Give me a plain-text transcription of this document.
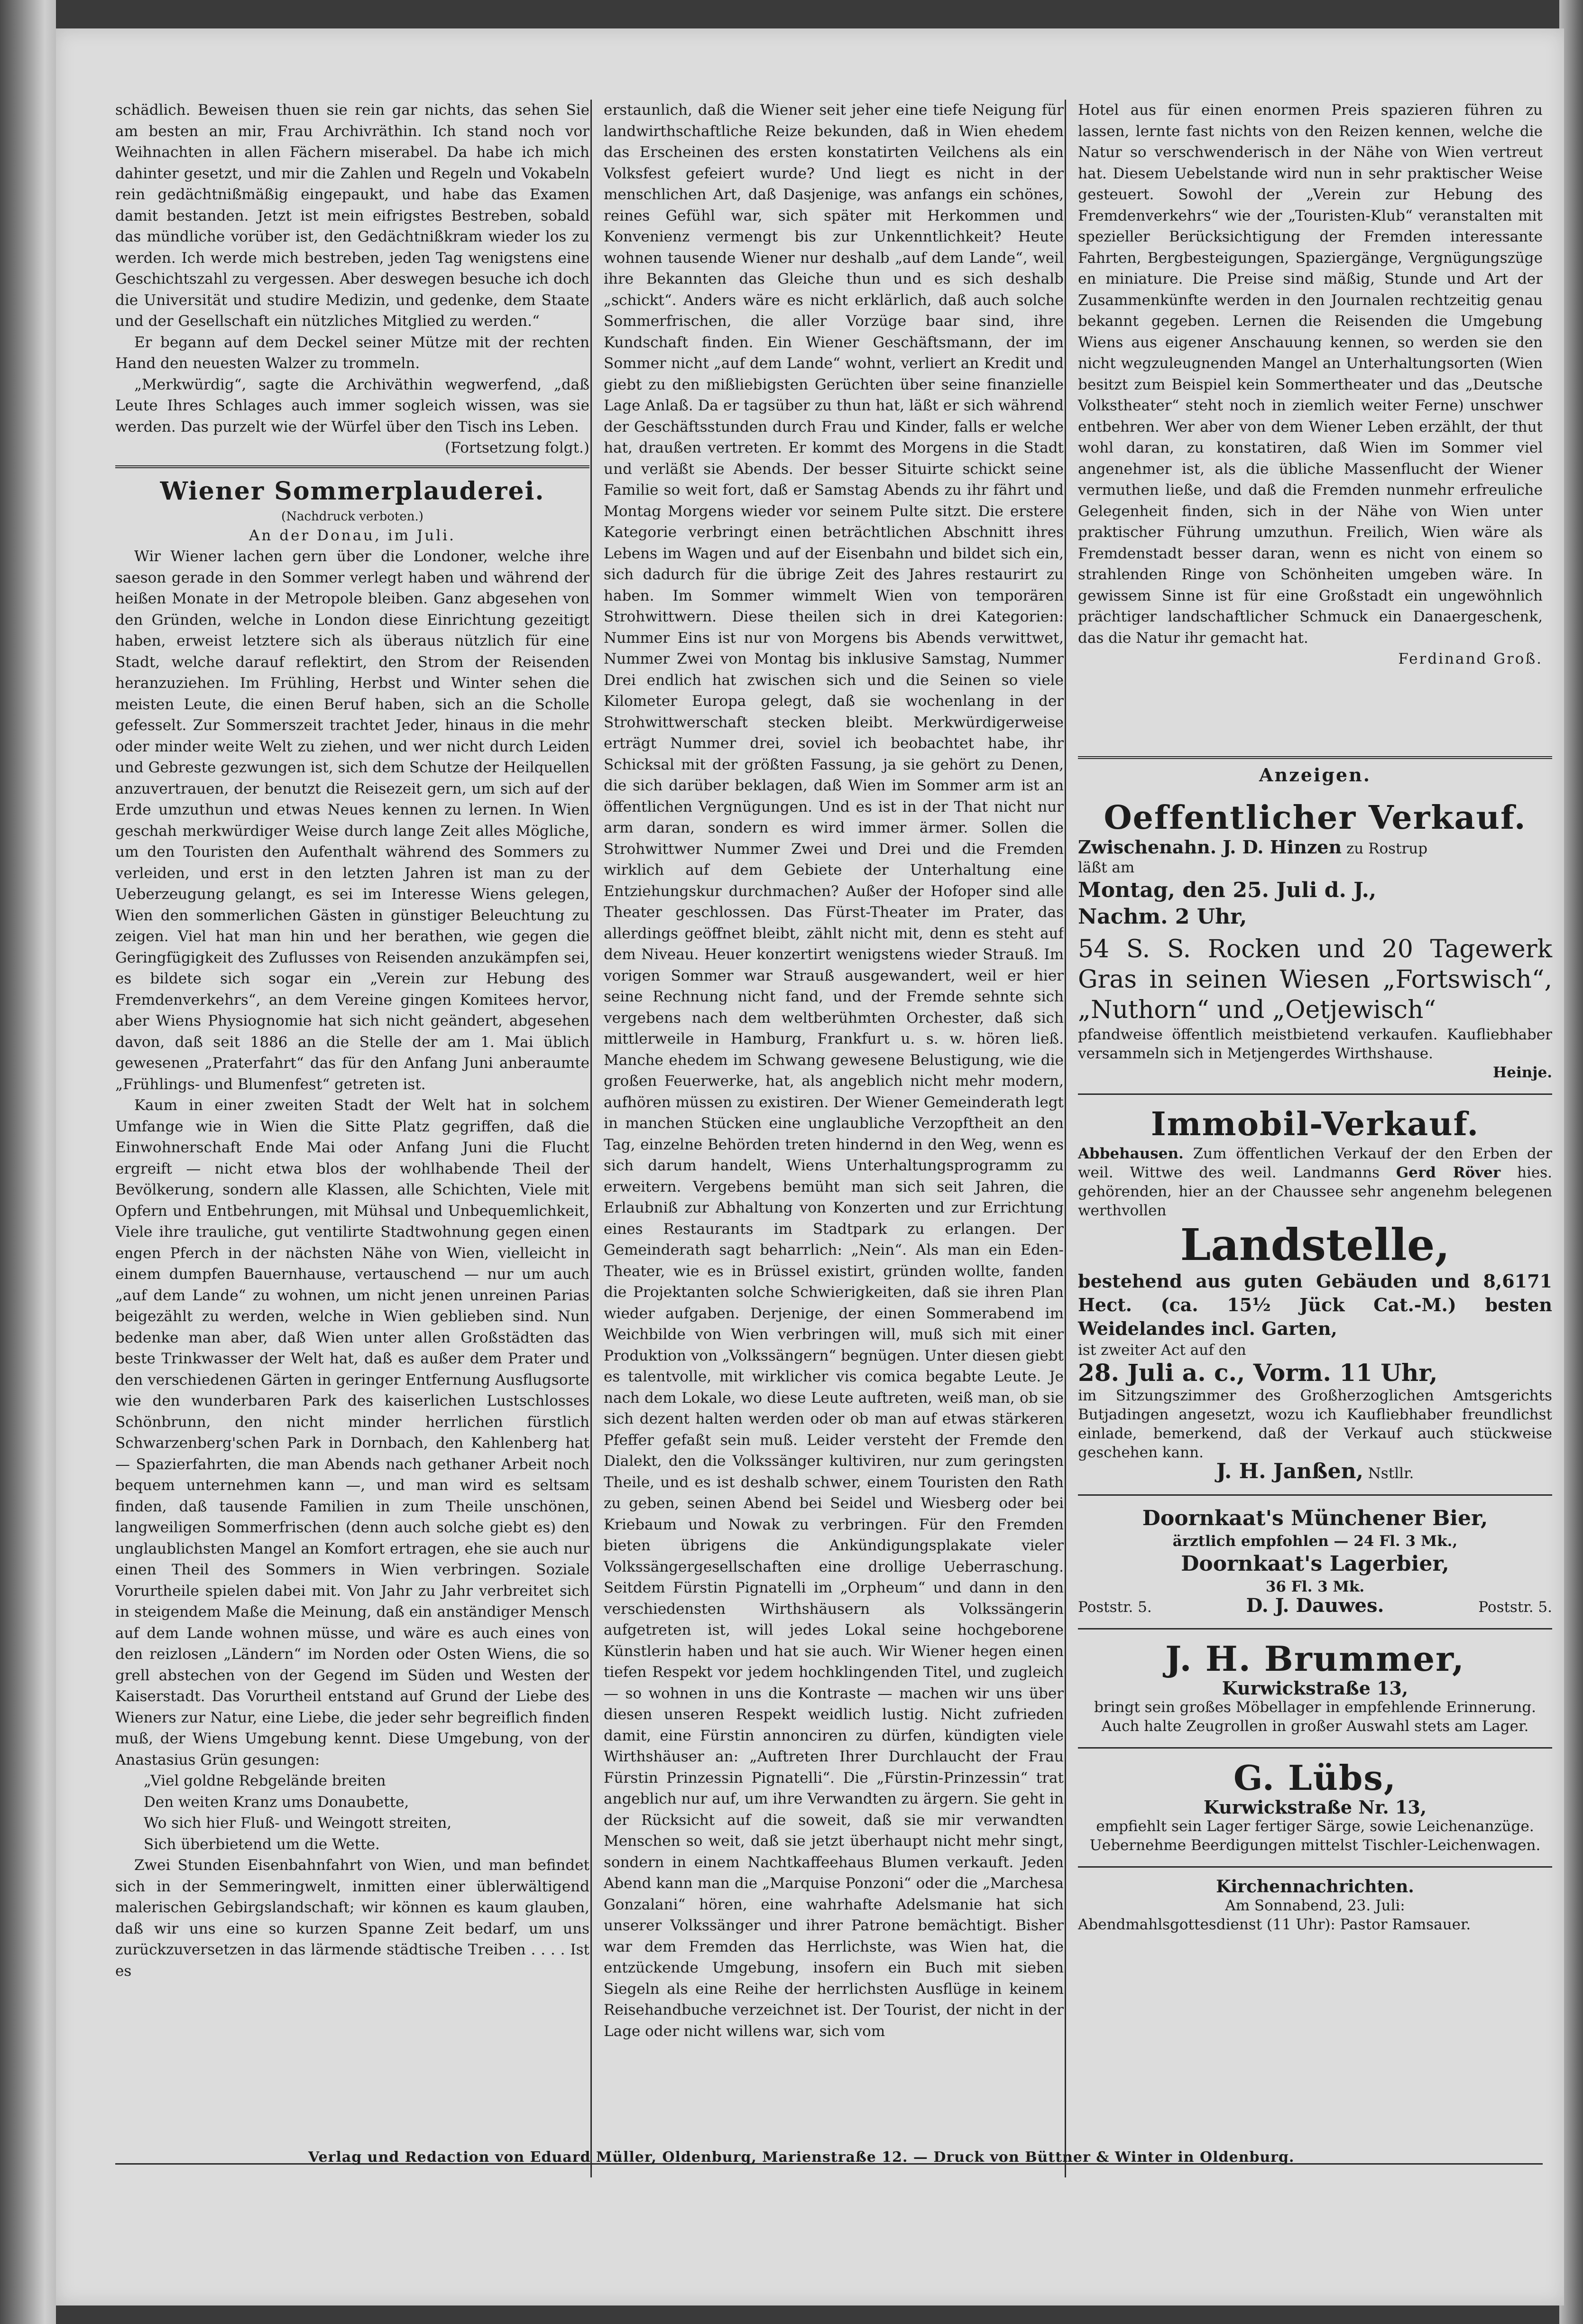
schädlich. Beweisen thuen sie rein gar nichts, das sehen Sie am besten an mir, Frau Archivräthin. Ich stand noch vor Weihnachten in allen Fächern miserabel. Da habe ich mich dahinter gesetzt, und mir die Zahlen und Regeln und Vokabeln rein gedächtnißmäßig eingepaukt, und habe das Examen damit bestanden. Jetzt ist mein eifrigstes Bestreben, sobald das mündliche vorüber ist, den Gedächtnißkram wieder los zu werden. Ich werde mich bestreben, jeden Tag wenigstens eine Geschichtszahl zu vergessen. Aber deswegen besuche ich doch die Universität und studire Medizin, und gedenke, dem Staate und der Gesellschaft ein nützliches Mitglied zu werden.“

Er begann auf dem Deckel seiner Mütze mit der rechten Hand den neuesten Walzer zu trommeln.

„Merkwürdig“, sagte die Archiväthin wegwerfend, „daß Leute Ihres Schlages auch immer sogleich wissen, was sie werden. Das purzelt wie der Würfel über den Tisch ins Leben.

(Fortsetzung folgt.)

Wiener Sommerplauderei.
(Nachdruck verboten.)
An der Donau, im Juli.

Wir Wiener lachen gern über die Londoner, welche ihre saeson gerade in den Sommer verlegt haben und während der heißen Monate in der Metropole bleiben. Ganz abgesehen von den Gründen, welche in London diese Einrichtung gezeitigt haben, erweist letztere sich als überaus nützlich für eine Stadt, welche darauf reflektirt, den Strom der Reisenden heranzuziehen. Im Frühling, Herbst und Winter sehen die meisten Leute, die einen Beruf haben, sich an die Scholle gefesselt. Zur Sommerszeit trachtet Jeder, hinaus in die mehr oder minder weite Welt zu ziehen, und wer nicht durch Leiden und Gebreste gezwungen ist, sich dem Schutze der Heilquellen anzuvertrauen, der benutzt die Reisezeit gern, um sich auf der Erde umzuthun und etwas Neues kennen zu lernen. In Wien geschah merkwürdiger Weise durch lange Zeit alles Mögliche, um den Touristen den Aufenthalt während des Sommers zu verleiden, und erst in den letzten Jahren ist man zu der Ueberzeugung gelangt, es sei im Interesse Wiens gelegen, Wien den sommerlichen Gästen in günstiger Beleuchtung zu zeigen. Viel hat man hin und her berathen, wie gegen die Geringfügigkeit des Zuflusses von Reisenden anzukämpfen sei, es bildete sich sogar ein „Verein zur Hebung des Fremdenverkehrs“, an dem Vereine gingen Komitees hervor, aber Wiens Physiognomie hat sich nicht geändert, abgesehen davon, daß seit 1886 an die Stelle der am 1. Mai üblich gewesenen „Praterfahrt“ das für den Anfang Juni anberaumte „Frühlings- und Blumenfest“ getreten ist.

Kaum in einer zweiten Stadt der Welt hat in solchem Umfange wie in Wien die Sitte Platz gegriffen, daß die Einwohnerschaft Ende Mai oder Anfang Juni die Flucht ergreift — nicht etwa blos der wohlhabende Theil der Bevölkerung, sondern alle Klassen, alle Schichten, Viele mit Opfern und Entbehrungen, mit Mühsal und Unbequemlichkeit, Viele ihre trauliche, gut ventilirte Stadtwohnung gegen einen engen Pferch in der nächsten Nähe von Wien, vielleicht in einem dumpfen Bauernhause, vertauschend — nur um auch „auf dem Lande“ zu wohnen, um nicht jenen unreinen Parias beigezählt zu werden, welche in Wien geblieben sind. Nun bedenke man aber, daß Wien unter allen Großstädten das beste Trinkwasser der Welt hat, daß es außer dem Prater und den verschiedenen Gärten in geringer Entfernung Ausflugsorte wie den wunderbaren Park des kaiserlichen Lustschlosses Schönbrunn, den nicht minder herrlichen fürstlich Schwarzenberg'schen Park in Dornbach, den Kahlenberg hat — Spazierfahrten, die man Abends nach gethaner Arbeit noch bequem unternehmen kann —, und man wird es seltsam finden, daß tausende Familien in zum Theile unschönen, langweiligen Sommerfrischen (denn auch solche giebt es) den unglaublichsten Mangel an Komfort ertragen, ehe sie auch nur einen Theil des Sommers in Wien verbringen. Soziale Vorurtheile spielen dabei mit. Von Jahr zu Jahr verbreitet sich in steigendem Maße die Meinung, daß ein anständiger Mensch auf dem Lande wohnen müsse, und wäre es auch eines von den reizlosen „Ländern“ im Norden oder Osten Wiens, die so grell abstechen von der Gegend im Süden und Westen der Kaiserstadt. Das Vorurtheil entstand auf Grund der Liebe des Wieners zur Natur, eine Liebe, die jeder sehr begreiflich finden muß, der Wiens Umgebung kennt. Diese Umgebung, von der Anastasius Grün gesungen:

„Viel goldne Rebgelände breiten

Den weiten Kranz ums Donaubette,

Wo sich hier Fluß- und Weingott streiten,

Sich überbietend um die Wette.

Zwei Stunden Eisenbahnfahrt von Wien, und man befindet sich in der Semmeringwelt, inmitten einer üblerwältigend malerischen Gebirgslandschaft; wir können es kaum glauben, daß wir uns eine so kurzen Spanne Zeit bedarf, um uns zurückzuversetzen in das lärmende städtische Treiben . . . . Ist es

erstaunlich, daß die Wiener seit jeher eine tiefe Neigung für landwirthschaftliche Reize bekunden, daß in Wien ehedem das Erscheinen des ersten konstatirten Veilchens als ein Volksfest gefeiert wurde? Und liegt es nicht in der menschlichen Art, daß Dasjenige, was anfangs ein schönes, reines Gefühl war, sich später mit Herkommen und Konvenienz vermengt bis zur Unkenntlichkeit? Heute wohnen tausende Wiener nur deshalb „auf dem Lande“, weil ihre Bekannten das Gleiche thun und es sich deshalb „schickt“. Anders wäre es nicht erklärlich, daß auch solche Sommerfrischen, die aller Vorzüge baar sind, ihre Kundschaft finden. Ein Wiener Geschäftsmann, der im Sommer nicht „auf dem Lande“ wohnt, verliert an Kredit und giebt zu den mißliebigsten Gerüchten über seine finanzielle Lage Anlaß. Da er tagsüber zu thun hat, läßt er sich während der Geschäftsstunden durch Frau und Kinder, falls er welche hat, draußen vertreten. Er kommt des Morgens in die Stadt und verläßt sie Abends. Der besser Situirte schickt seine Familie so weit fort, daß er Samstag Abends zu ihr fährt und Montag Morgens wieder vor seinem Pulte sitzt. Die erstere Kategorie verbringt einen beträchtlichen Abschnitt ihres Lebens im Wagen und auf der Eisenbahn und bildet sich ein, sich dadurch für die übrige Zeit des Jahres restaurirt zu haben. Im Sommer wimmelt Wien von temporären Strohwittwern. Diese theilen sich in drei Kategorien: Nummer Eins ist nur von Morgens bis Abends verwittwet, Nummer Zwei von Montag bis inklusive Samstag, Nummer Drei endlich hat zwischen sich und die Seinen so viele Kilometer Europa gelegt, daß sie wochenlang in der Strohwittwerschaft stecken bleibt. Merkwürdigerweise erträgt Nummer drei, soviel ich beobachtet habe, ihr Schicksal mit der größten Fassung, ja sie gehört zu Denen, die sich darüber beklagen, daß Wien im Sommer arm ist an öffentlichen Vergnügungen. Und es ist in der That nicht nur arm daran, sondern es wird immer ärmer. Sollen die Strohwittwer Nummer Zwei und Drei und die Fremden wirklich auf dem Gebiete der Unterhaltung eine Entziehungskur durchmachen? Außer der Hofoper sind alle Theater geschlossen. Das Fürst-Theater im Prater, das allerdings geöffnet bleibt, zählt nicht mit, denn es steht auf dem Niveau. Heuer konzertirt wenigstens wieder Strauß. Im vorigen Sommer war Strauß ausgewandert, weil er hier seine Rechnung nicht fand, und der Fremde sehnte sich vergebens nach dem weltberühmten Orchester, daß sich mittlerweile in Hamburg, Frankfurt u. s. w. hören ließ. Manche ehedem im Schwang gewesene Belustigung, wie die großen Feuerwerke, hat, als angeblich nicht mehr modern, aufhören müssen zu existiren. Der Wiener Gemeinderath legt in manchen Stücken eine unglaubliche Verzopftheit an den Tag, einzelne Behörden treten hindernd in den Weg, wenn es sich darum handelt, Wiens Unterhaltungsprogramm zu erweitern. Vergebens bemüht man sich seit Jahren, die Erlaubniß zur Abhaltung von Konzerten und zur Errichtung eines Restaurants im Stadtpark zu erlangen. Der Gemeinderath sagt beharrlich: „Nein“. Als man ein Eden-Theater, wie es in Brüssel existirt, gründen wollte, fanden die Projektanten solche Schwierigkeiten, daß sie ihren Plan wieder aufgaben. Derjenige, der einen Sommerabend im Weichbilde von Wien verbringen will, muß sich mit einer Produktion von „Volkssängern“ begnügen. Unter diesen giebt es talentvolle, mit wirklicher vis comica begabte Leute. Je nach dem Lokale, wo diese Leute auftreten, weiß man, ob sie sich dezent halten werden oder ob man auf etwas stärkeren Pfeffer gefaßt sein muß. Leider versteht der Fremde den Dialekt, den die Volkssänger kultiviren, nur zum geringsten Theile, und es ist deshalb schwer, einem Touristen den Rath zu geben, seinen Abend bei Seidel und Wiesberg oder bei Kriebaum und Nowak zu verbringen. Für den Fremden bieten übrigens die Ankündigungsplakate vieler Volkssängergesellschaften eine drollige Ueberraschung. Seitdem Fürstin Pignatelli im „Orpheum“ und dann in den verschiedensten Wirthshäusern als Volkssängerin aufgetreten ist, will jedes Lokal seine hochgeborene Künstlerin haben und hat sie auch. Wir Wiener hegen einen tiefen Respekt vor jedem hochklingenden Titel, und zugleich — so wohnen in uns die Kontraste — machen wir uns über diesen unseren Respekt weidlich lustig. Nicht zufrieden damit, eine Fürstin annonciren zu dürfen, kündigten viele Wirthshäuser an: „Auftreten Ihrer Durchlaucht der Frau Fürstin Prinzessin Pignatelli“. Die „Fürstin-Prinzessin“ trat angeblich nur auf, um ihre Verwandten zu ärgern. Sie geht in der Rücksicht auf die soweit, daß sie mir verwandten Menschen so weit, daß sie jetzt überhaupt nicht mehr singt, sondern in einem Nachtkaffeehaus Blumen verkauft. Jeden Abend kann man die „Marquise Ponzoni“ oder die „Marchesa Gonzalani“ hören, eine wahrhafte Adelsmanie hat sich unserer Volkssänger und ihrer Patrone bemächtigt. Bisher war dem Fremden das Herrlichste, was Wien hat, die entzückende Umgebung, insofern ein Buch mit sieben Siegeln als eine Reihe der herrlichsten Ausflüge in keinem Reisehandbuche verzeichnet ist. Der Tourist, der nicht in der Lage oder nicht willens war, sich vom

Hotel aus für einen enormen Preis spazieren führen zu lassen, lernte fast nichts von den Reizen kennen, welche die Natur so verschwenderisch in der Nähe von Wien vertreut hat. Diesem Uebelstande wird nun in sehr praktischer Weise gesteuert. Sowohl der „Verein zur Hebung des Fremdenverkehrs“ wie der „Touristen-Klub“ veranstalten mit spezieller Berücksichtigung der Fremden interessante Fahrten, Bergbesteigungen, Spaziergänge, Vergnügungszüge en miniature. Die Preise sind mäßig, Stunde und Art der Zusammenkünfte werden in den Journalen rechtzeitig genau bekannt gegeben. Lernen die Reisenden die Umgebung Wiens aus eigener Anschauung kennen, so werden sie den nicht wegzuleugnenden Mangel an Unterhaltungsorten (Wien besitzt zum Beispiel kein Sommertheater und das „Deutsche Volkstheater“ steht noch in ziemlich weiter Ferne) unschwer entbehren. Wer aber von dem Wiener Leben erzählt, der thut wohl daran, zu konstatiren, daß Wien im Sommer viel angenehmer ist, als die übliche Massenflucht der Wiener vermuthen ließe, und daß die Fremden nunmehr erfreuliche Gelegenheit finden, sich in der Nähe von Wien unter praktischer Führung umzuthun. Freilich, Wien wäre als Fremdenstadt besser daran, wenn es nicht von einem so strahlenden Ringe von Schönheiten umgeben wäre. In gewissem Sinne ist für eine Großstadt ein ungewöhnlich prächtiger landschaftlicher Schmuck ein Danaergeschenk, das die Natur ihr gemacht hat.

Ferdinand Groß.

Anzeigen.
Oeffentlicher Verkauf.

Zwischenahn. J. D. Hinzen zu Rostrup

läßt am

Montag, den 25. Juli d. J.,

Nachm. 2 Uhr,

54 S. S. Rocken und 20 Tagewerk Gras in seinen Wiesen „Fortswisch“, „Nuthorn“ und „Oetjewisch“

pfandweise öffentlich meistbietend verkaufen. Kaufliebhaber versammeln sich in Metjengerdes Wirthshause.

Heinje.

Immobil-Verkauf.

Abbehausen. Zum öffentlichen Verkauf der den Erben der weil. Wittwe des weil. Landmanns Gerd Röver hies. gehörenden, hier an der Chaussee sehr angenehm belegenen werthvollen

Landstelle,

bestehend aus guten Gebäuden und 8,6171 Hect. (ca. 15½ Jück Cat.-M.) besten Weidelandes incl. Garten,

ist zweiter Act auf den

28. Juli a. c., Vorm. 11 Uhr,

im Sitzungszimmer des Großherzoglichen Amtsgerichts Butjadingen angesetzt, wozu ich Kaufliebhaber freundlichst einlade, bemerkend, daß der Verkauf auch stückweise geschehen kann.

J. H. Janßen, Nstllr.

Doornkaat's Münchener Bier,

ärztlich empfohlen — 24 Fl. 3 Mk.,

Doornkaat's Lagerbier,

36 Fl. 3 Mk.

Poststr. 5.	D. J. Dauwes.	Poststr. 5.
J. H. Brummer,

Kurwickstraße 13,

bringt sein großes Möbellager in empfehlende Erinnerung. Auch halte Zeugrollen in großer Auswahl stets am Lager.

G. Lübs,

Kurwickstraße Nr. 13,

empfiehlt sein Lager fertiger Särge, sowie Leichenanzüge.

Uebernehme Beerdigungen mittelst Tischler-Leichenwagen.

Kirchennachrichten.

Am Sonnabend, 23. Juli:

Abendmahlsgottesdienst (11 Uhr): Pastor Ramsauer.

Verlag und Redaction von Eduard Müller, Oldenburg, Marienstraße 12. — Druck von Büttner & Winter in Oldenburg.
